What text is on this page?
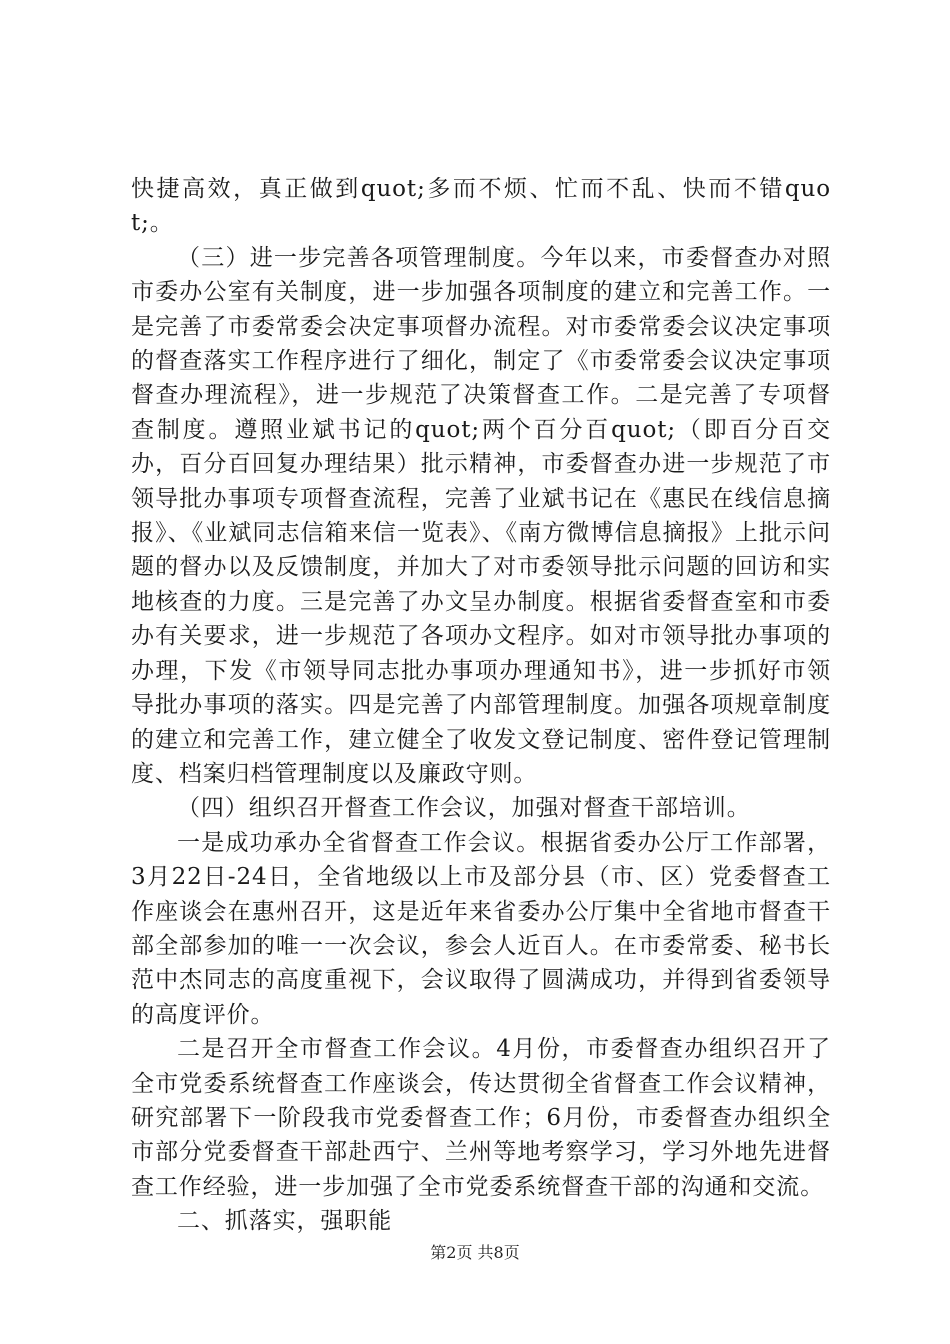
快捷高效，真正做到quot;多而不烦、忙而不乱、快而不错quot;。

（三）进一步完善各项管理制度。今年以来，市委督查办对照市委办公室有关制度，进一步加强各项制度的建立和完善工作。一是完善了市委常委会决定事项督办流程。对市委常委会议决定事项的督查落实工作程序进行了细化，制定了《市委常委会议决定事项督查办理流程》，进一步规范了决策督查工作。二是完善了专项督查制度。遵照业斌书记的quot;两个百分百quot;（即百分百交办，百分百回复办理结果）批示精神，市委督查办进一步规范了市领导批办事项专项督查流程，完善了业斌书记在《惠民在线信息摘报》、《业斌同志信箱来信一览表》、《南方微博信息摘报》上批示问题的督办以及反馈制度，并加大了对市委领导批示问题的回访和实地核查的力度。三是完善了办文呈办制度。根据省委督查室和市委办有关要求，进一步规范了各项办文程序。如对市领导批办事项的办理，下发《市领导同志批办事项办理通知书》，进一步抓好市领导批办事项的落实。四是完善了内部管理制度。加强各项规章制度的建立和完善工作，建立健全了收发文登记制度、密件登记管理制度、档案归档管理制度以及廉政守则。

（四）组织召开督查工作会议，加强对督查干部培训。

一是成功承办全省督查工作会议。根据省委办公厅工作部署，3月22日-24日，全省地级以上市及部分县（市、区）党委督查工作座谈会在惠州召开，这是近年来省委办公厅集中全省地市督查干部全部参加的唯一一次会议，参会人近百人。在市委常委、秘书长范中杰同志的高度重视下，会议取得了圆满成功，并得到省委领导的高度评价。

二是召开全市督查工作会议。4月份，市委督查办组织召开了全市党委系统督查工作座谈会，传达贯彻全省督查工作会议精神，研究部署下一阶段我市党委督查工作；6月份，市委督查办组织全市部分党委督查干部赴西宁、兰州等地考察学习，学习外地先进督查工作经验，进一步加强了全市党委系统督查干部的沟通和交流。

二、抓落实，强职能

第2页 共8页
